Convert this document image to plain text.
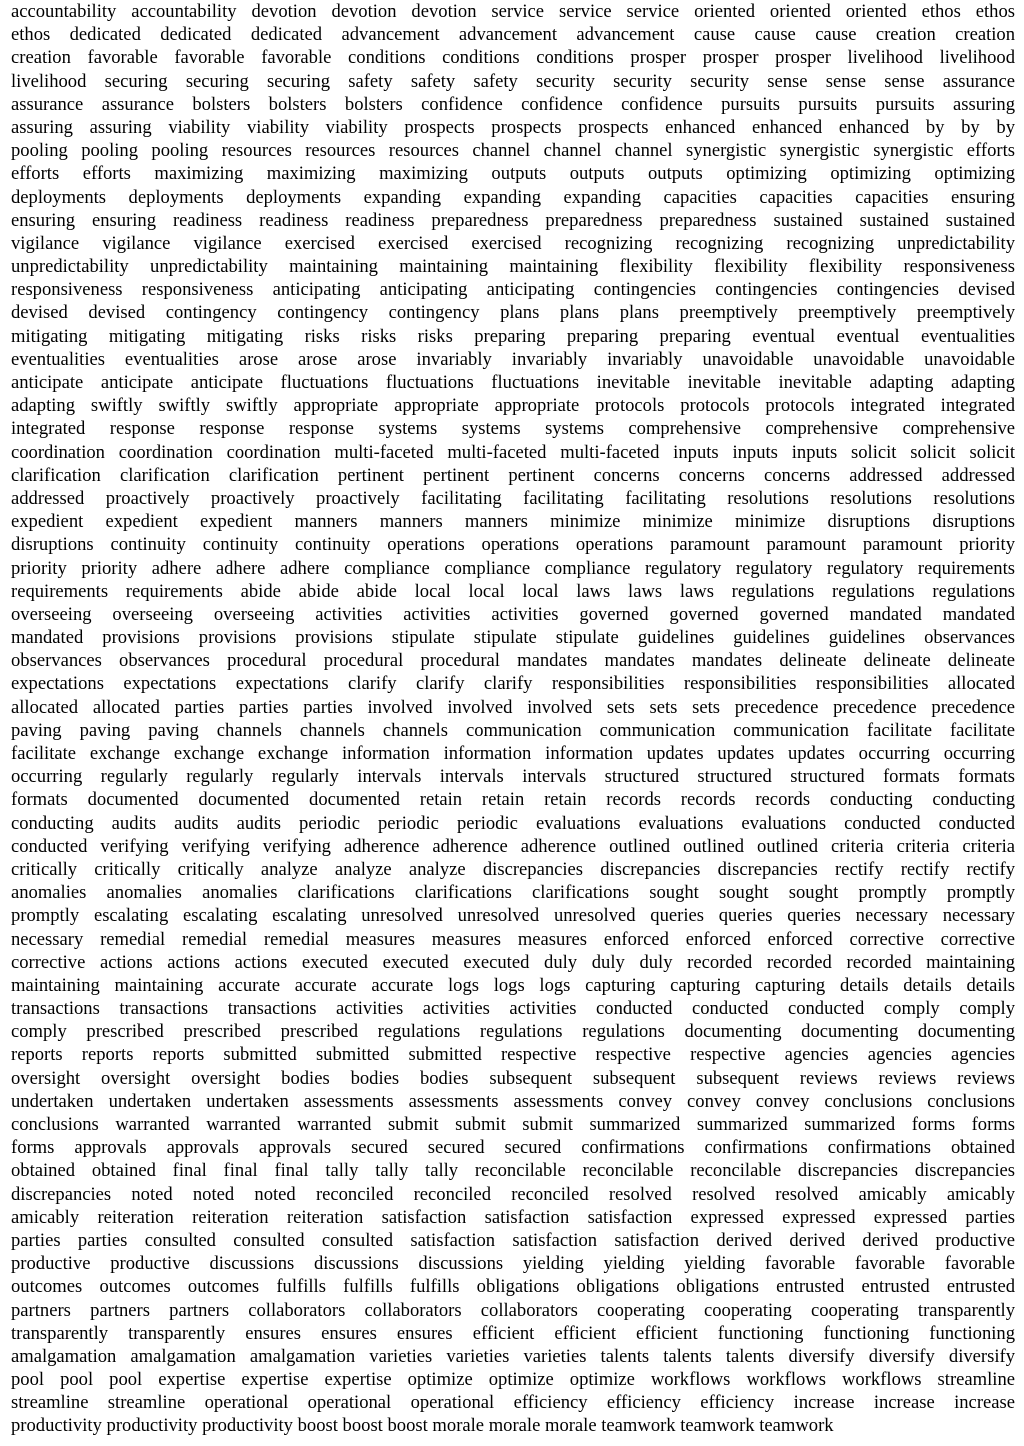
accountability accountability devotion devotion devotion service service service oriented oriented oriented ethos ethos
ethos dedicated dedicated dedicated advancement advancement advancement cause cause cause creation creation
creation favorable favorable favorable conditions conditions conditions prosper prosper prosper livelihood livelihood
livelihood securing securing securing safety safety safety security security security sense sense sense assurance
assurance assurance bolsters bolsters bolsters confidence confidence confidence pursuits pursuits pursuits assuring
assuring assuring viability viability viability prospects prospects prospects enhanced enhanced enhanced by by by
pooling pooling pooling resources resources resources channel channel channel synergistic synergistic synergistic efforts
efforts efforts maximizing maximizing maximizing outputs outputs outputs optimizing optimizing optimizing
deployments deployments deployments expanding expanding expanding capacities capacities capacities ensuring
ensuring ensuring readiness readiness readiness preparedness preparedness preparedness sustained sustained sustained
vigilance vigilance vigilance exercised exercised exercised recognizing recognizing recognizing unpredictability
unpredictability unpredictability maintaining maintaining maintaining flexibility flexibility flexibility responsiveness
responsiveness responsiveness anticipating anticipating anticipating contingencies contingencies contingencies devised
devised devised contingency contingency contingency plans plans plans preemptively preemptively preemptively
mitigating mitigating mitigating risks risks risks preparing preparing preparing eventual eventual eventualities
eventualities eventualities arose arose arose invariably invariably invariably unavoidable unavoidable unavoidable
anticipate anticipate anticipate fluctuations fluctuations fluctuations inevitable inevitable inevitable adapting adapting
adapting swiftly swiftly swiftly appropriate appropriate appropriate protocols protocols protocols integrated integrated
integrated response response response systems systems systems comprehensive comprehensive comprehensive
coordination coordination coordination multi-faceted multi-faceted multi-faceted inputs inputs inputs solicit solicit solicit
clarification clarification clarification pertinent pertinent pertinent concerns concerns concerns addressed addressed
addressed proactively proactively proactively facilitating facilitating facilitating resolutions resolutions resolutions
expedient expedient expedient manners manners manners minimize minimize minimize disruptions disruptions
disruptions continuity continuity continuity operations operations operations paramount paramount paramount priority
priority priority adhere adhere adhere compliance compliance compliance regulatory regulatory regulatory requirements
requirements requirements abide abide abide local local local laws laws laws regulations regulations regulations
overseeing overseeing overseeing activities activities activities governed governed governed mandated mandated
mandated provisions provisions provisions stipulate stipulate stipulate guidelines guidelines guidelines observances
observances observances procedural procedural procedural mandates mandates mandates delineate delineate delineate
expectations expectations expectations clarify clarify clarify responsibilities responsibilities responsibilities allocated
allocated allocated parties parties parties involved involved involved sets sets sets precedence precedence precedence
paving paving paving channels channels channels communication communication communication facilitate facilitate
facilitate exchange exchange exchange information information information updates updates updates occurring occurring
occurring regularly regularly regularly intervals intervals intervals structured structured structured formats formats
formats documented documented documented retain retain retain records records records conducting conducting
conducting audits audits audits periodic periodic periodic evaluations evaluations evaluations conducted conducted
conducted verifying verifying verifying adherence adherence adherence outlined outlined outlined criteria criteria criteria
critically critically critically analyze analyze analyze discrepancies discrepancies discrepancies rectify rectify rectify
anomalies anomalies anomalies clarifications clarifications clarifications sought sought sought promptly promptly
promptly escalating escalating escalating unresolved unresolved unresolved queries queries queries necessary necessary
necessary remedial remedial remedial measures measures measures enforced enforced enforced corrective corrective
corrective actions actions actions executed executed executed duly duly duly recorded recorded recorded maintaining
maintaining maintaining accurate accurate accurate logs logs logs capturing capturing capturing details details details
transactions transactions transactions activities activities activities conducted conducted conducted comply comply
comply prescribed prescribed prescribed regulations regulations regulations documenting documenting documenting
reports reports reports submitted submitted submitted respective respective respective agencies agencies agencies
oversight oversight oversight bodies bodies bodies subsequent subsequent subsequent reviews reviews reviews
undertaken undertaken undertaken assessments assessments assessments convey convey convey conclusions conclusions
conclusions warranted warranted warranted submit submit submit summarized summarized summarized forms forms
forms approvals approvals approvals secured secured secured confirmations confirmations confirmations obtained
obtained obtained final final final tally tally tally reconcilable reconcilable reconcilable discrepancies discrepancies
discrepancies noted noted noted reconciled reconciled reconciled resolved resolved resolved amicably amicably
amicably reiteration reiteration reiteration satisfaction satisfaction satisfaction expressed expressed expressed parties
parties parties consulted consulted consulted satisfaction satisfaction satisfaction derived derived derived productive
productive productive discussions discussions discussions yielding yielding yielding favorable favorable favorable
outcomes outcomes outcomes fulfills fulfills fulfills obligations obligations obligations entrusted entrusted entrusted
partners partners partners collaborators collaborators collaborators cooperating cooperating cooperating transparently
transparently transparently ensures ensures ensures efficient efficient efficient functioning functioning functioning
amalgamation amalgamation amalgamation varieties varieties varieties talents talents talents diversify diversify diversify
pool pool pool expertise expertise expertise optimize optimize optimize workflows workflows workflows streamline
streamline streamline operational operational operational efficiency efficiency efficiency increase increase increase
productivity productivity productivity boost boost boost morale morale morale teamwork teamwork teamwork
